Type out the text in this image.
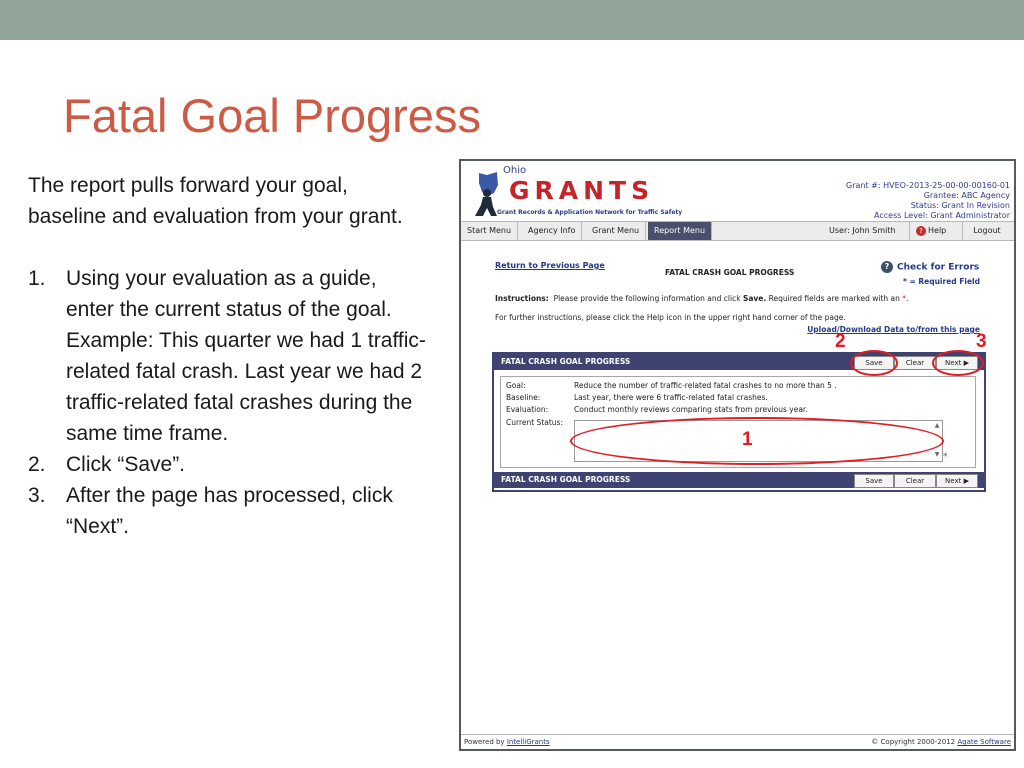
Fatal Goal Progress

The report pulls forward your goal, baseline and evaluation from your grant.

1. Using your evaluation as a guide, enter the current status of the goal. Example: This quarter we had 1 traffic-related fatal crash. Last year we had 2 traffic-related fatal crashes during the same time frame.
2. Click “Save”.
3. After the page has processed, click “Next”.
Ohio
GRANTS
Grant Records & Application Network for Traffic Safety
Grant #: HVEO-2013-25-00-00-00160-01
Grantee: ABC Agency
Status: Grant In Revision
Access Level: Grant Administrator
Start Menu	Agency Info	Grant Menu	Report Menu	User: John Smith	? Help	Logout
Return to Previous Page
FATAL CRASH GOAL PROGRESS
? Check for Errors
* = Required Field
Instructions: Please provide the following information and click Save. Required fields are marked with an *.
For further instructions, please click the Help icon in the upper right hand corner of the page.
Upload/Download Data to/from this page
FATAL CRASH GOAL PROGRESS	Save	Clear	Next ▶
Goal:	Reduce the number of traffic-related fatal crashes to no more than 5 .
Baseline:	Last year, there were 6 traffic-related fatal crashes.
Evaluation:	Conduct monthly reviews comparing stats from previous year.
Current Status:	▲
▼ *
FATAL CRASH GOAL PROGRESS	Save	Clear	Next ▶
Powered by IntelliGrants	© Copyright 2000-2012 Agate Software
1
2	3
